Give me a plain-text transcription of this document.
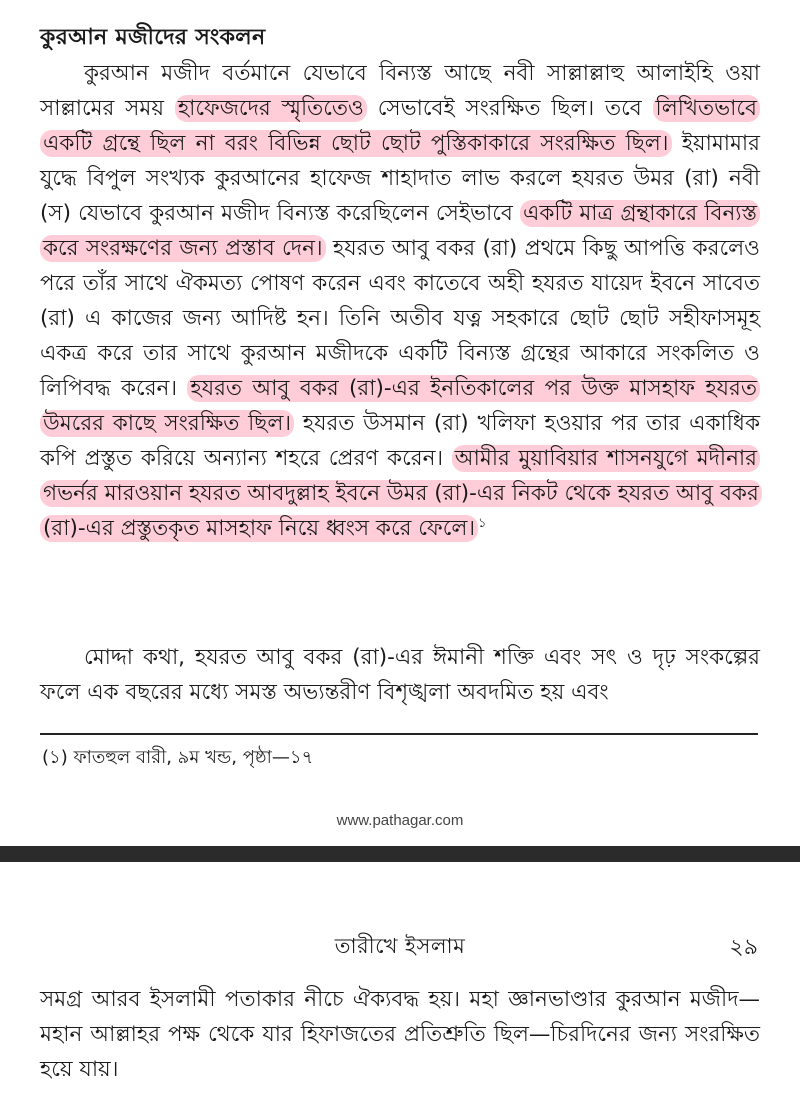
কুরআন মজীদের সংকলন

কুরআন মজীদ বর্তমানে যেভাবে বিন্যস্ত আছে নবী সাল্লাল্লাহু আলাইহি ওয়া সাল্লামের সময় হাফেজদের স্মৃতিতেও সেভাবেই সংরক্ষিত ছিল। তবে লিখিতভাবে একটি গ্রন্থে ছিল না বরং বিভিন্ন ছোট ছোট পুস্তিকাকারে সংরক্ষিত ছিল। ইয়ামামার যুদ্ধে বিপুল সংখ্যক কুরআনের হাফেজ শাহাদাত লাভ করলে হযরত উমর (রা) নবী (স) যেভাবে কুরআন মজীদ বিন্যস্ত করেছিলেন সেইভাবে একটি মাত্র গ্রন্থাকারে বিন্যস্ত করে সংরক্ষণের জন্য প্রস্তাব দেন। হযরত আবু বকর (রা) প্রথমে কিছু আপত্তি করলেও পরে তাঁর সাথে ঐকমত্য পোষণ করেন এবং কাতেবে অহী হযরত যায়েদ ইবনে সাবেত (রা) এ কাজের জন্য আদিষ্ট হন। তিনি অতীব যত্ন সহকারে ছোট ছোট সহীফাসমূহ একত্র করে তার সাথে কুরআন মজীদকে একটি বিন্যস্ত গ্রন্থের আকারে সংকলিত ও লিপিবদ্ধ করেন। হযরত আবু বকর (রা)-এর ইনতিকালের পর উক্ত মাসহাফ হযরত উমরের কাছে সংরক্ষিত ছিল। হযরত উসমান (রা) খলিফা হওয়ার পর তার একাধিক কপি প্রস্তুত করিয়ে অন্যান্য শহরে প্রেরণ করেন। আমীর মুয়াবিয়ার শাসনযুগে মদীনার গভর্নর মারওয়ান হযরত আবদুল্লাহ ইবনে উমর (রা)-এর নিকট থেকে হযরত আবু বকর (রা)-এর প্রস্তুতকৃত মাসহাফ নিয়ে ধ্বংস করে ফেলে। $^১$

মোদ্দা কথা, হযরত আবু বকর (রা)-এর ঈমানী শক্তি এবং সৎ ও দৃঢ় সংকল্পের ফলে এক বছরের মধ্যে সমস্ত অভ্যন্তরীণ বিশৃঙ্খলা অবদমিত হয় এবং

(১) ফাতহুল বারী, ৯ম খন্ড, পৃষ্ঠা—১৭
www.pathagar.com
তারীখে ইসলাম	২৯

সমগ্র আরব ইসলামী পতাকার নীচে ঐক্যবদ্ধ হয়। মহা জ্ঞানভাণ্ডার কুরআন মজীদ—মহান আল্লাহর পক্ষ থেকে যার হিফাজতের প্রতিশ্রুতি ছিল—চিরদিনের জন্য সংরক্ষিত হয়ে যায়।
